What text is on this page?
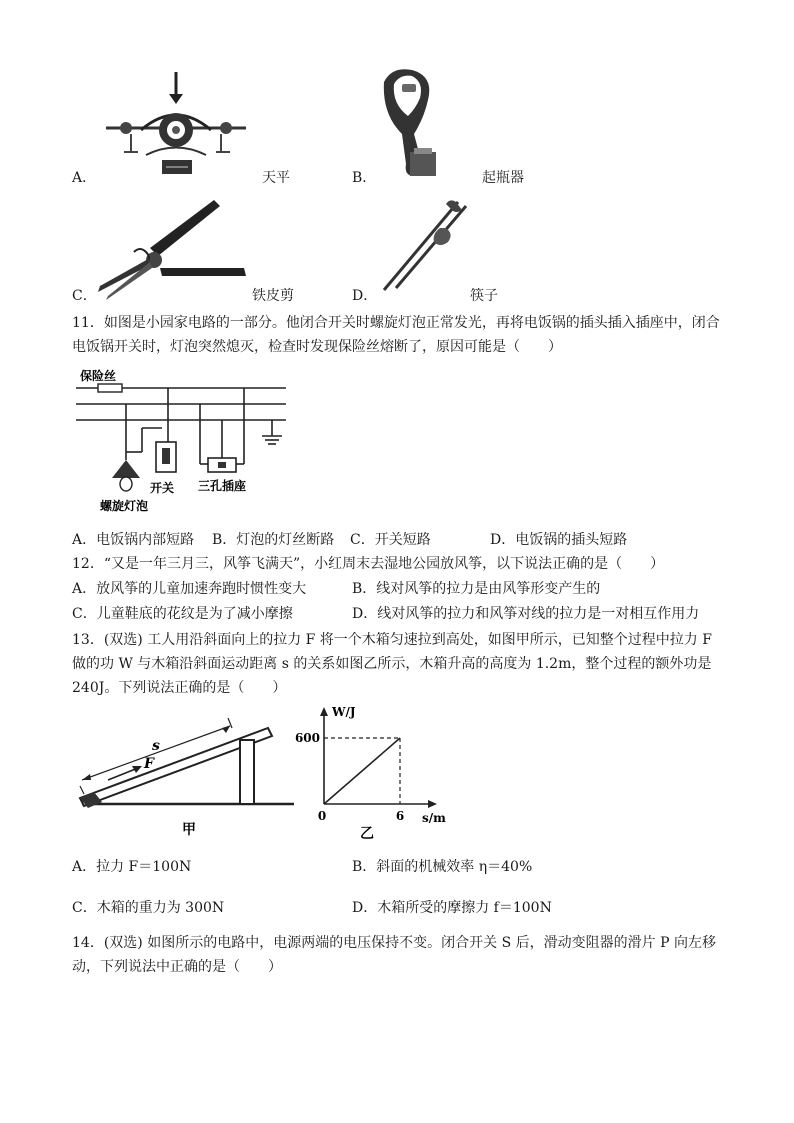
A．	天平	B．	起瓶器
C．	铁皮剪	D．	筷子
11．如图是小园家电路的一部分。他闭合开关时螺旋灯泡正常发光，再将电饭锅的插头插入插座中，闭合
电饭锅开关时，灯泡突然熄灭，检查时发现保险丝熔断了，原因可能是（　　）
保险丝
开关 三孔插座
螺旋灯泡
A．电饭锅内部短路 B．灯泡的灯丝断路 C．开关短路	D．电饭锅的插头短路
12．“又是一年三月三，风筝飞满天”，小红周末去湿地公园放风筝，以下说法正确的是（　　）
A．放风筝的儿童加速奔跑时惯性变大	B．线对风筝的拉力是由风筝形变产生的
C．儿童鞋底的花纹是为了减小摩擦	D．线对风筝的拉力和风筝对线的拉力是一对相互作用力
13．(双选) 工人用沿斜面向上的拉力 F 将一个木箱匀速拉到高处，如图甲所示，已知整个过程中拉力 F
做的功 W 与木箱沿斜面运动距离 s 的关系如图乙所示，木箱升高的高度为 1.2m，整个过程的额外功是
240J。下列说法正确的是（　　）
s
F
甲
W/J
s/m
600
6
0
乙
A．拉力 F＝100N	B．斜面的机械效率 η＝40%
C．木箱的重力为 300N	D．木箱所受的摩擦力 f＝100N
14．(双选) 如图所示的电路中，电源两端的电压保持不变。闭合开关 S 后，滑动变阻器的滑片 P 向左移
动，下列说法中正确的是（　　）
